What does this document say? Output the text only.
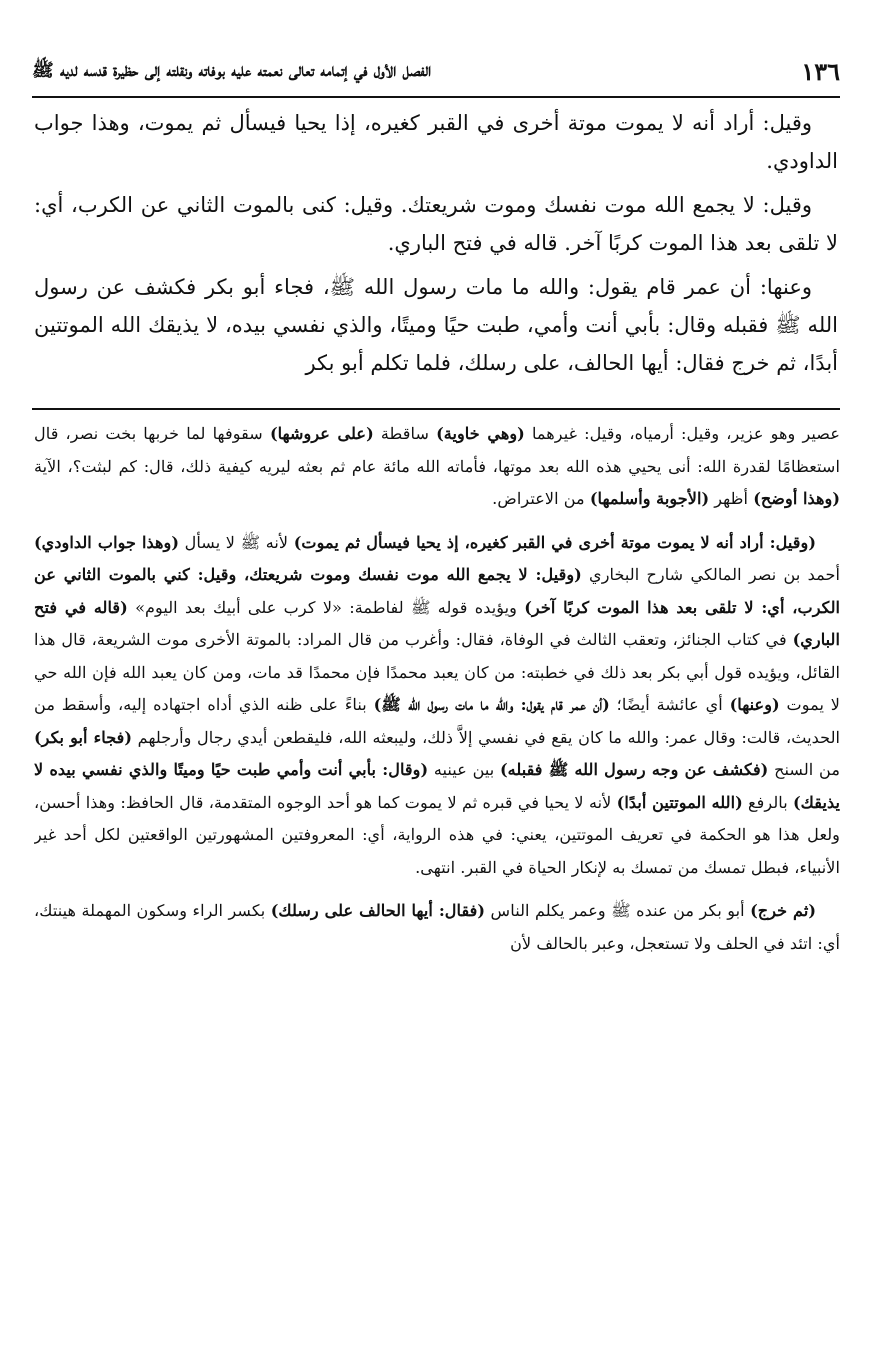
١٣٦
الفصل الأول في إتمامه تعالى نعمته عليه بوفاته ونقلته إلى حظيرة قدسه لديه ﷺ

وقيل: أراد أنه لا يموت موتة أخرى في القبر كغيره، إذا يحيا فيسأل ثم يموت، وهذا جواب الداودي.

وقيل: لا يجمع الله موت نفسك وموت شريعتك. وقيل: كنى بالموت الثاني عن الكرب، أي: لا تلقى بعد هذا الموت كربًا آخر. قاله في فتح الباري.

وعنها: أن عمر قام يقول: والله ما مات رسول الله ﷺ، فجاء أبو بكر فكشف عن رسول الله ﷺ فقبله وقال: بأبي أنت وأمي، طبت حيًا وميتًا، والذي نفسي بيده، لا يذيقك الله الموتتين أبدًا، ثم خرج فقال: أيها الحالف، على رسلك، فلما تكلم أبو بكر

عصير وهو عزير، وقيل: أرمياه، وقيل: غيرهما (وهي خاوية) ساقطة (على عروشها) سقوفها لما خربها بخت نصر، قال استعظامًا لقدرة الله: أنى يحيي هذه الله بعد موتها، فأماته الله مائة عام ثم بعثه ليريه كيفية ذلك، قال: كم لبثت؟، الآية (وهذا أوضح) أظهر (الأجوبة وأسلمها) من الاعتراض.

(وقيل: أراد أنه لا يموت موتة أخرى في القبر كغيره، إذ يحيا فيسأل ثم يموت) لأنه ﷺ لا يسأل (وهذا جواب الداودي) أحمد بن نصر المالكي شارح البخاري (وقيل: لا يجمع الله موت نفسك وموت شريعتك، وقيل: كني بالموت الثاني عن الكرب، أي: لا تلقى بعد هذا الموت كربًا آخر) ويؤيده قوله ﷺ لفاطمة: «لا كرب على أبيك بعد اليوم» (قاله في فتح الباري) في كتاب الجنائز، وتعقب الثالث في الوفاة، فقال: وأغرب من قال المراد: بالموتة الأخرى موت الشريعة، قال هذا القائل، ويؤيده قول أبي بكر بعد ذلك في خطبته: من كان يعبد محمدًا فإن محمدًا قد مات، ومن كان يعبد الله فإن الله حي لا يموت (وعنها) أي عائشة أيضًا؛ (أن عمر قام يقول: والله ما مات رسول الله ﷺ) بناءً على ظنه الذي أداه اجتهاده إليه، وأسقط من الحديث، قالت: وقال عمر: والله ما كان يقع في نفسي إلاَّ ذلك، وليبعثه الله، فليقطعن أيدي رجال وأرجلهم (فجاء أبو بكر) من السنح (فكشف عن وجه رسول الله ﷺ فقبله) بين عينيه (وقال: بأبي أنت وأمي طبت حيًا وميتًا والذي نفسي بيده لا يذيقك) بالرفع (الله الموتتين أبدًا) لأنه لا يحيا في قبره ثم لا يموت كما هو أحد الوجوه المتقدمة، قال الحافظ: وهذا أحسن، ولعل هذا هو الحكمة في تعريف الموتتين، يعني: في هذه الرواية، أي: المعروفتين المشهورتين الواقعتين لكل أحد غير الأنبياء، فبطل تمسك من تمسك به لإنكار الحياة في القبر. انتهى.

(ثم خرج) أبو بكر من عنده ﷺ وعمر يكلم الناس (فقال: أيها الحالف على رسلك) بكسر الراء وسكون المهملة هينتك، أي: اتئد في الحلف ولا تستعجل، وعبر بالحالف لأن
